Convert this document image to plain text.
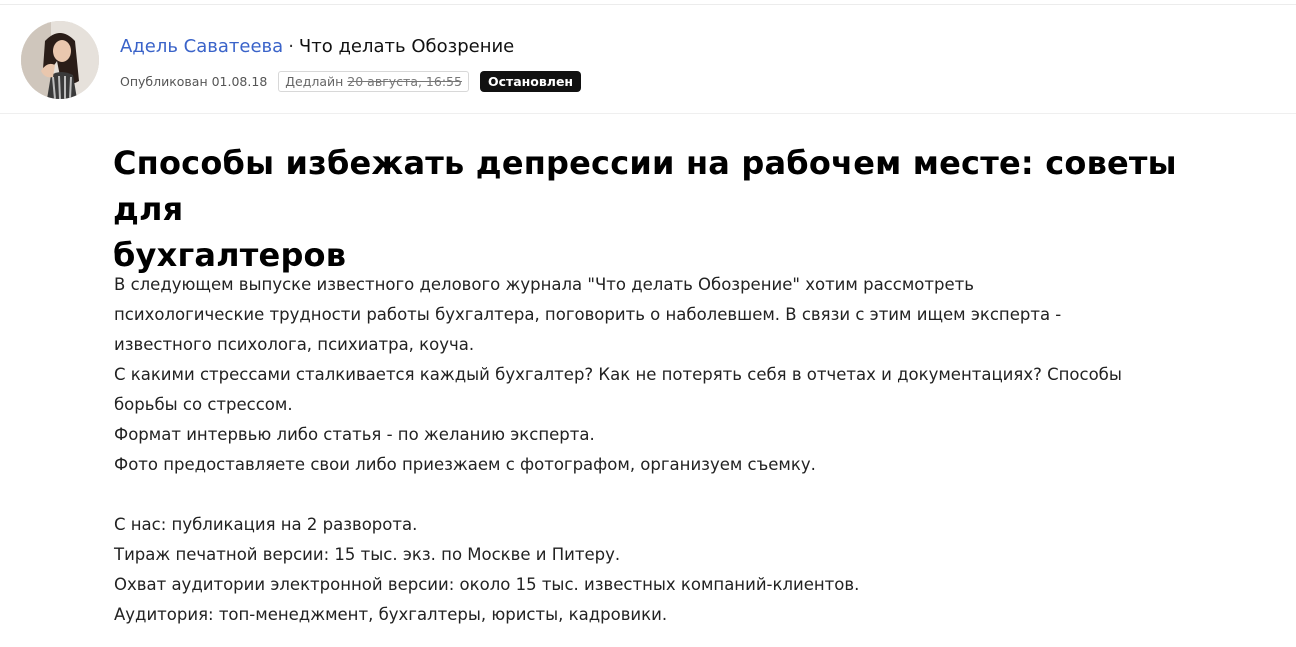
Адель Саватеева · Что делать Обозрение
Опубликован 01.08.18	Дедлайн 20 августа, 16:55	Остановлен
Способы избежать депрессии на рабочем месте: советы для
бухгалтеров

В следующем выпуске известного делового журнала "Что делать Обозрение" хотим рассмотреть

психологические трудности работы бухгалтера, поговорить о наболевшем. В связи с этим ищем эксперта -

известного психолога, психиатра, коуча.

С какими стрессами сталкивается каждый бухгалтер? Как не потерять себя в отчетах и документациях? Способы

борьбы со стрессом.

Формат интервью либо статья - по желанию эксперта.

Фото предоставляете свои либо приезжаем с фотографом, организуем съемку.

С нас: публикация на 2 разворота.

Тираж печатной версии: 15 тыс. экз. по Москве и Питеру.

Охват аудитории электронной версии: около 15 тыс. известных компаний-клиентов.

Аудитория: топ-менеджмент, бухгалтеры, юристы, кадровики.
